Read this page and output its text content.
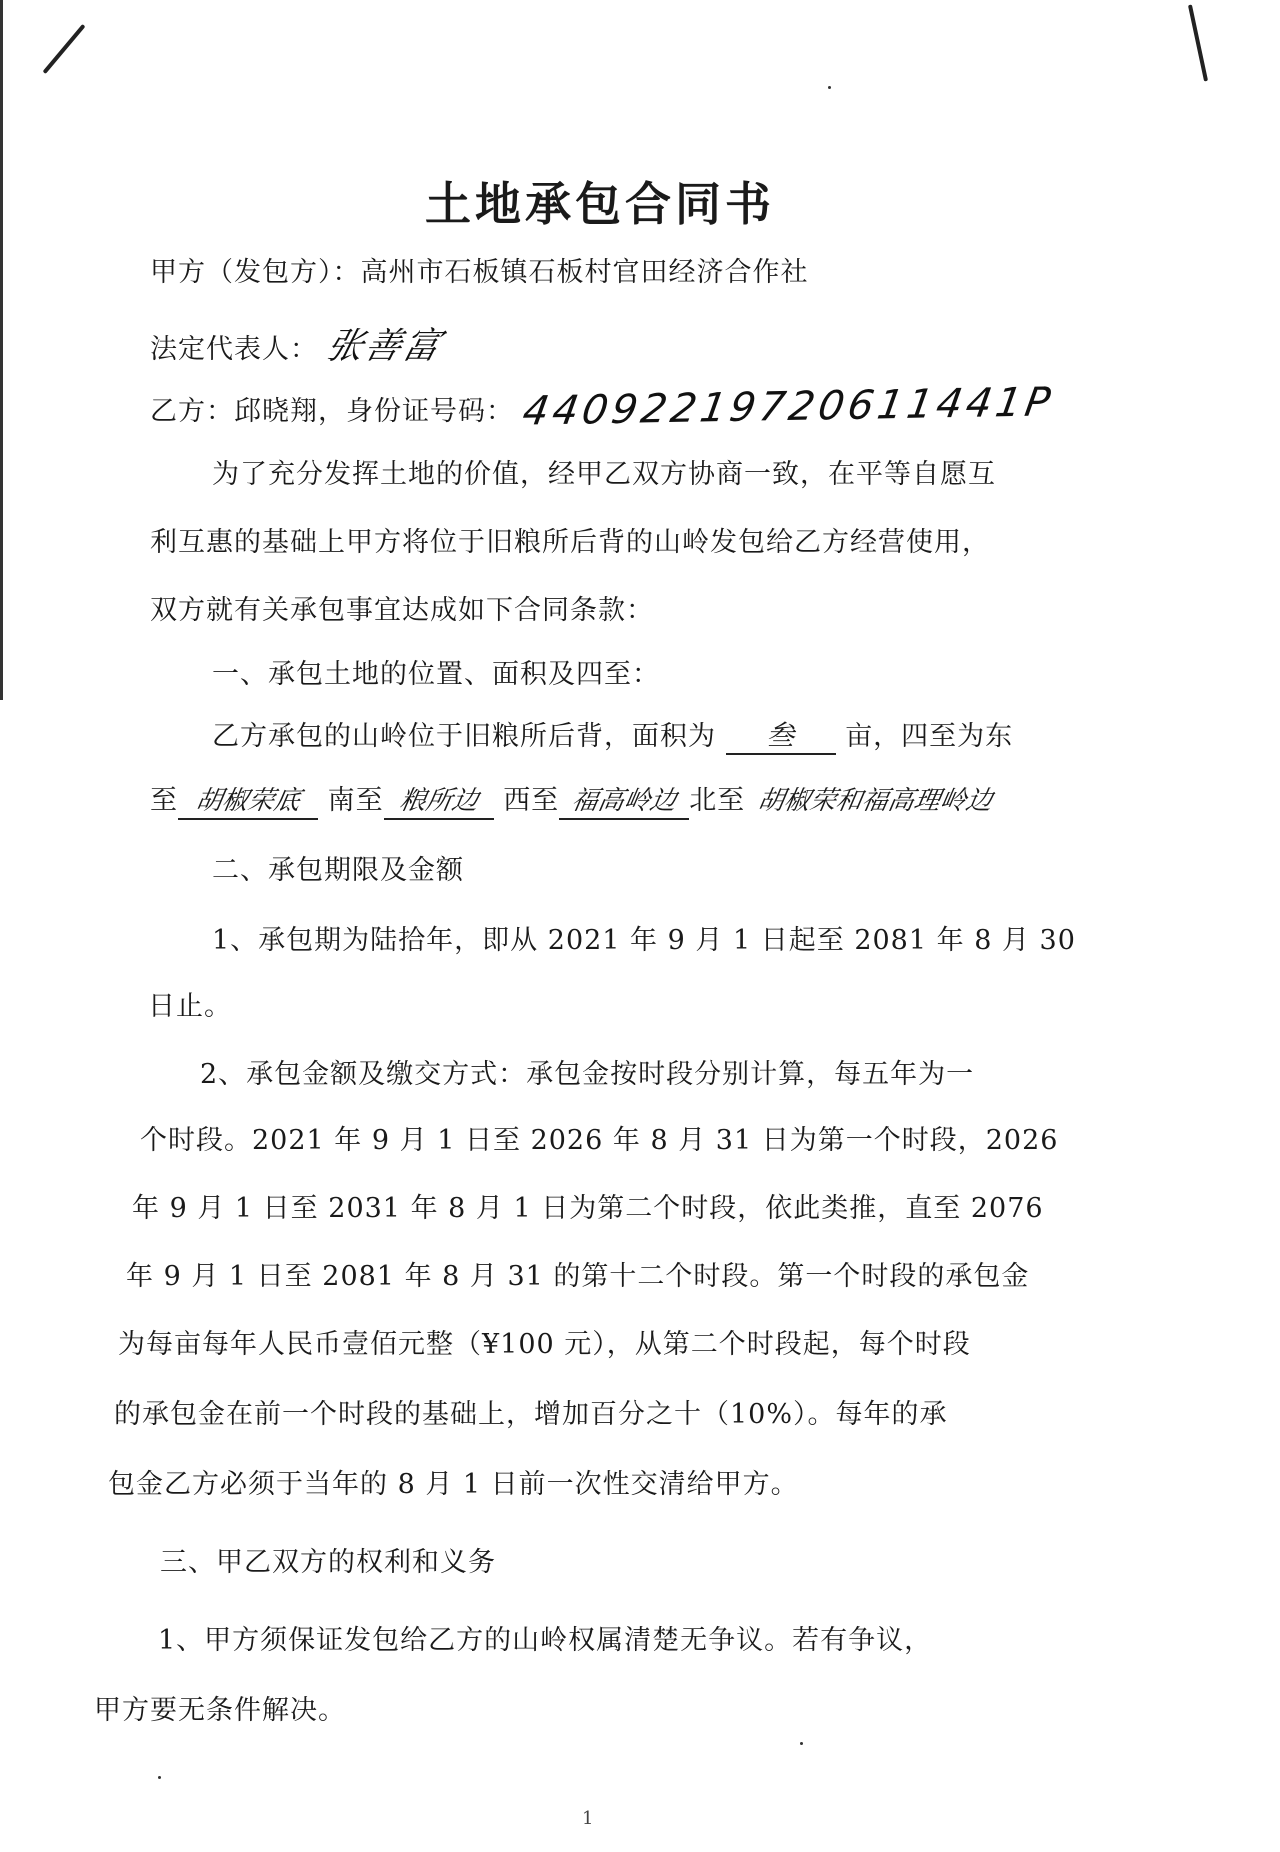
土地承包合同书
甲方（发包方）：高州市石板镇石板村官田经济合作社
法定代表人： 张善富
乙方：邱晓翔，身份证号码： 44092219720611441P
为了充分发挥土地的价值，经甲乙双方协商一致，在平等自愿互
利互惠的基础上甲方将位于旧粮所后背的山岭发包给乙方经营使用，
双方就有关承包事宜达成如下合同条款：
一、承包土地的位置、面积及四至：
乙方承包的山岭位于旧粮所后背，面积为 叁 亩，四至为东
至 胡椒荣底 南至 粮所边 西至 福高岭边 北至 胡椒荣和福高理岭边
二、承包期限及金额
1、承包期为陆拾年，即从 2021 年 9 月 1 日起至 2081 年 8 月 30
日止。
2、承包金额及缴交方式：承包金按时段分别计算，每五年为一
个时段。2021 年 9 月 1 日至 2026 年 8 月 31 日为第一个时段，2026
年 9 月 1 日至 2031 年 8 月 1 日为第二个时段，依此类推，直至 2076
年 9 月 1 日至 2081 年 8 月 31 的第十二个时段。第一个时段的承包金
为每亩每年人民币壹佰元整（¥100 元），从第二个时段起，每个时段
的承包金在前一个时段的基础上，增加百分之十（10%）。每年的承
包金乙方必须于当年的 8 月 1 日前一次性交清给甲方。
三、甲乙双方的权利和义务
1、甲方须保证发包给乙方的山岭权属清楚无争议。若有争议，
甲方要无条件解决。
1
